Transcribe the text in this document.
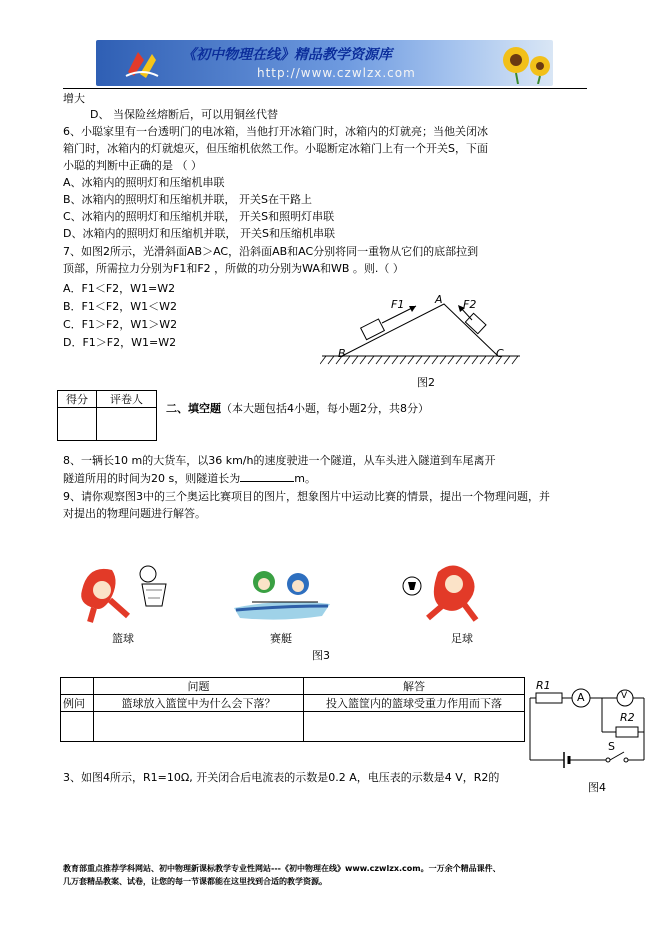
《初中物理在线》精品教学资源库
http://www.czwlzx.com
增大
D、 当保险丝熔断后，可以用铜丝代替
6、小聪家里有一台透明门的电冰箱，当他打开冰箱门时，冰箱内的灯就亮；当他关闭冰
箱门时，冰箱内的灯就熄灭，但压缩机依然工作。小聪断定冰箱门上有一个开关S，下面
小聪的判断中正确的是 （ ）
A、冰箱内的照明灯和压缩机串联
B、冰箱内的照明灯和压缩机并联， 开关S在干路上
C、冰箱内的照明灯和压缩机并联， 开关S和照明灯串联
D、冰箱内的照明灯和压缩机并联， 开关S和压缩机串联
7、如图2所示，光滑斜面AB＞AC，沿斜面AB和AC分别将同一重物从它们的底部拉到
顶部，所需拉力分别为F1和F2 ，所做的功分别为WA和WB 。则.（ ）
A．F1＜F2，W1=W2
B．F1＜F2，W1＜W2
C．F1＞F2，W1＞W2
D．F1＞F2，W1=W2
F1	F2
A
B	C
图2
得分	评卷人

二、填空题（本大题包括4小题，每小题2分，共8分）
8、一辆长10 m的大货车，以36 km/h的速度驶进一个隧道，从车头进入隧道到车尾离开
隧道所用的时间为20 s，则隧道长为	m。
9、请你观察图3中的三个奥运比赛项目的图片，想象图片中运动比赛的情景，提出一个物理问题，并
对提出的物理问题进行解答。
篮球	赛艇	足球
图3
	问题	解答
例问	篮球放入篮筐中为什么会下落？	投入篮筐内的篮球受重力作用而下落

R1
A	V
R2
S
图4
3、如图4所示，R1=10Ω, 开关闭合后电流表的示数是0.2 A，电压表的示数是4 V，R2的
教育部重点推荐学科网站、初中物理新课标教学专业性网站---《初中物理在线》www.czwlzx.com。一万余个精品课件、
几万套精品教案、试卷，让您的每一节课都能在这里找到合适的教学资源。
